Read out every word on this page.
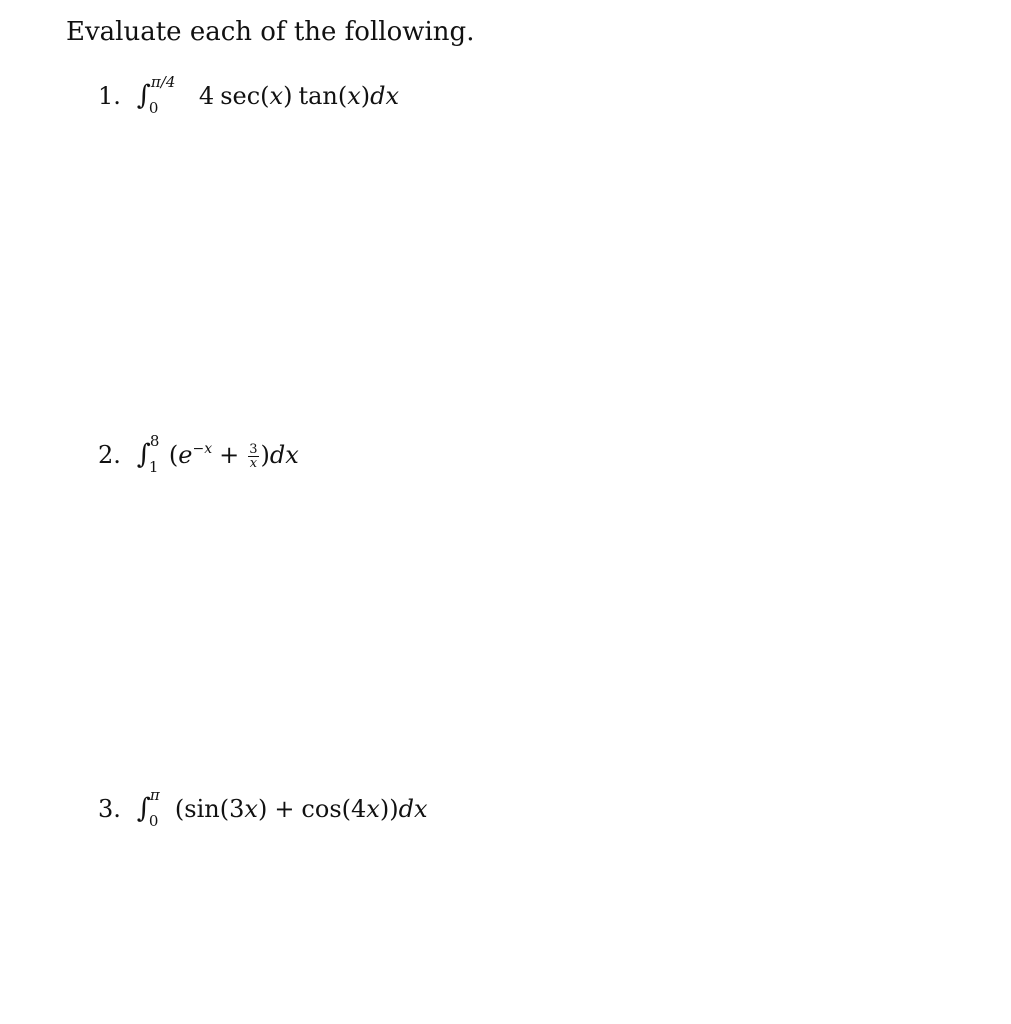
Evaluate each of the following.
1. ∫ π/4
0 4 sec(x) tan(x)dx
2. ∫
8
1 $(e^{-x} + \frac{3}{x} )dx$
3. ∫
π
0 (sin(3x) + cos(4x))dx
